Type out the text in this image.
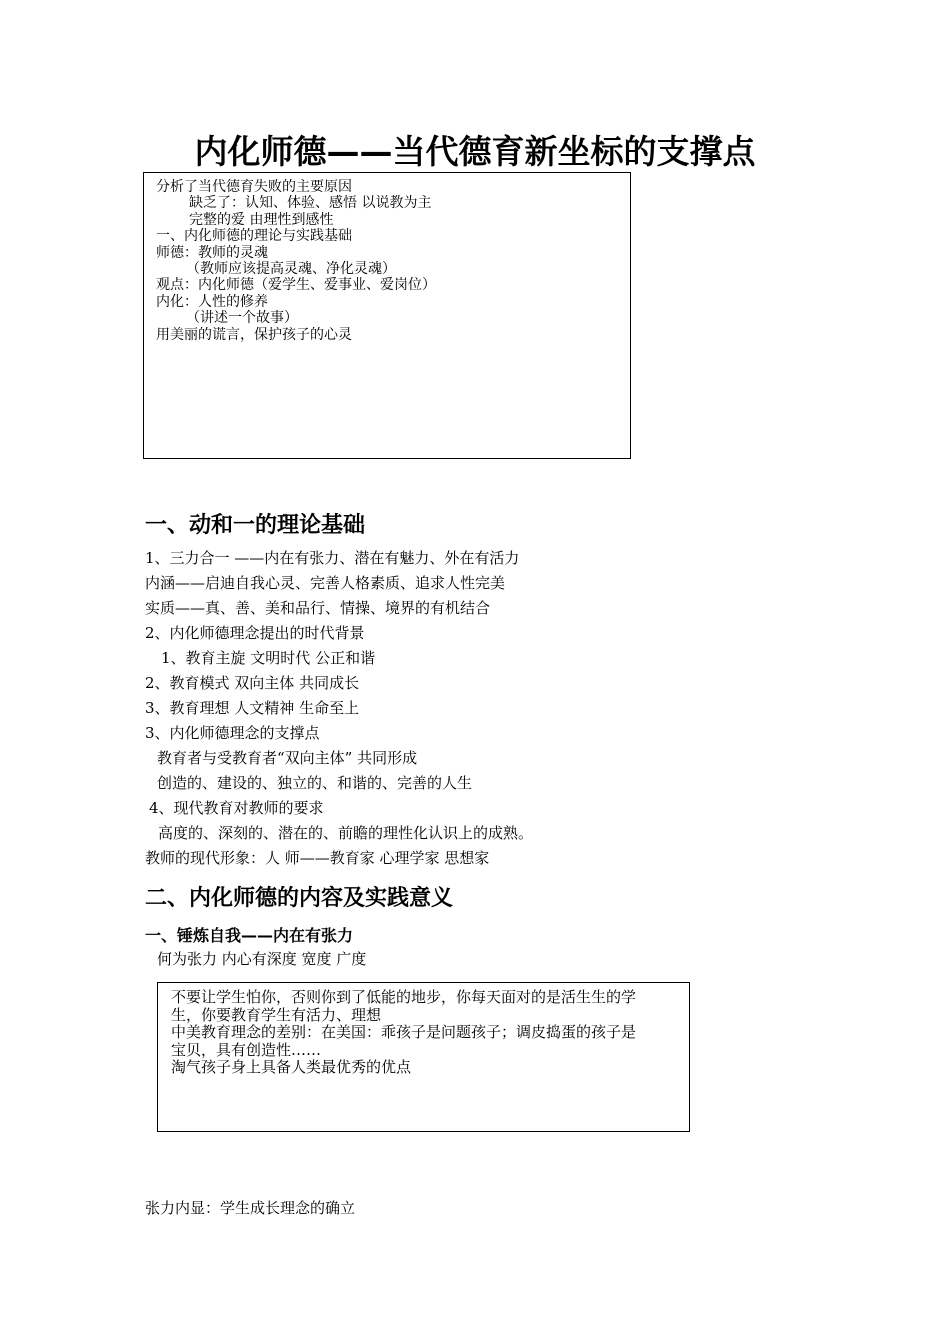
内化师德——当代德育新坐标的支撑点
分析了当代德育失败的主要原因
缺乏了：认知、体验、感悟 以说教为主
完整的爱 由理性到感性
一、内化师德的理论与实践基础
师德：教师的灵魂
（教师应该提高灵魂、净化灵魂）
观点：内化师德（爱学生、爱事业、爱岗位）
内化：人性的修养
（讲述一个故事）
用美丽的谎言，保护孩子的心灵
一、动和一的理论基础
1、三力合一 ——内在有张力、潜在有魅力、外在有活力
内涵——启迪自我心灵、完善人格素质、追求人性完美
实质——真、善、美和品行、情操、境界的有机结合
2、内化师德理念提出的时代背景
1、教育主旋 文明时代 公正和谐
2、教育模式 双向主体 共同成长
3、教育理想 人文精神 生命至上
3、内化师德理念的支撑点
教育者与受教育者“双向主体” 共同形成
创造的、建设的、独立的、和谐的、完善的人生
4、现代教育对教师的要求
高度的、深刻的、潜在的、前瞻的理性化认识上的成熟。
教师的现代形象：人 师——教育家 心理学家 思想家
二、内化师德的内容及实践意义
一、锤炼自我——内在有张力
何为张力 内心有深度 宽度 广度
不要让学生怕你，否则你到了低能的地步，你每天面对的是活生生的学
生，你要教育学生有活力、理想
中美教育理念的差别：在美国：乖孩子是问题孩子；调皮捣蛋的孩子是
宝贝，具有创造性……
淘气孩子身上具备人类最优秀的优点
张力内显：学生成长理念的确立
